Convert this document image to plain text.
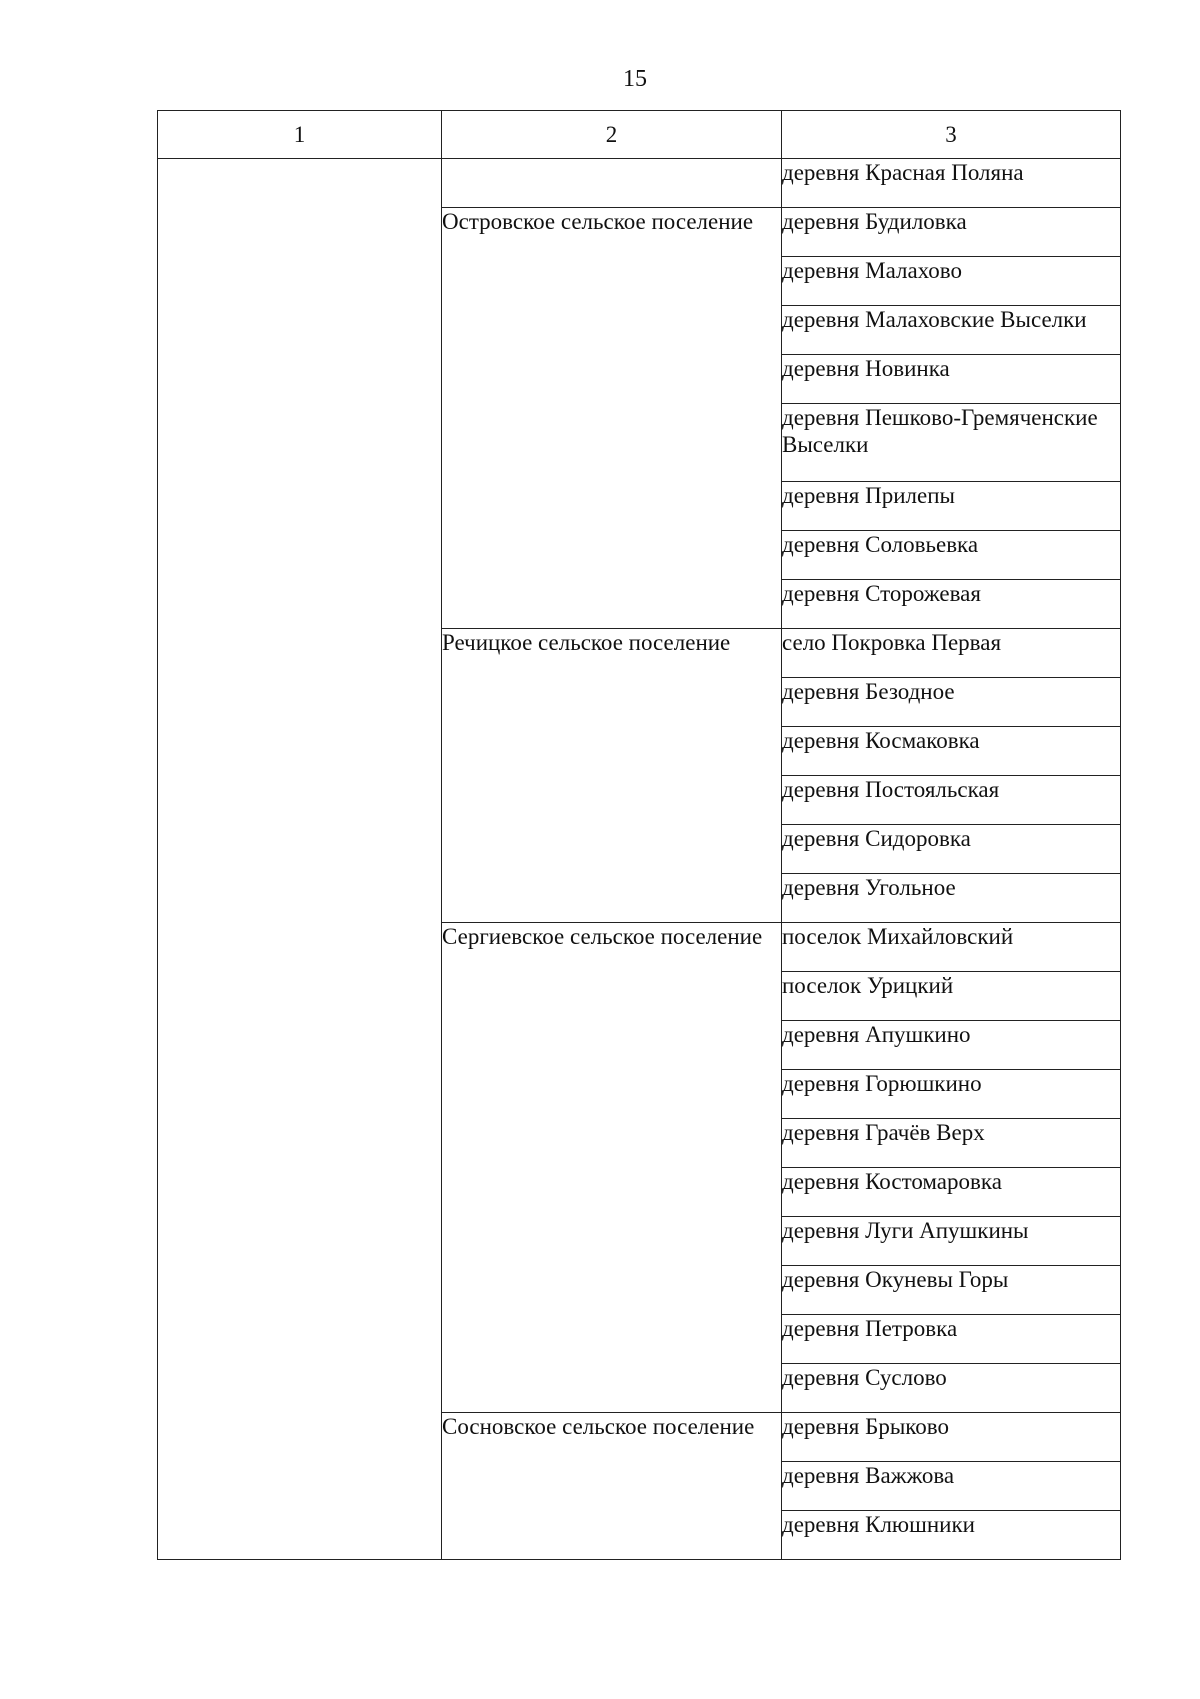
15
1	2	3
		деревня Красная Поляна
	Островское сельское поселение	деревня Будиловка
		деревня Малахово
		деревня Малаховские Выселки
		деревня Новинка
		деревня Пешково-Гремяченские Выселки
		деревня Прилепы
		деревня Соловьевка
		деревня Сторожевая
	Речицкое сельское поселение	село Покровка Первая
		деревня Безодное
		деревня Космаковка
		деревня Постояльская
		деревня Сидоровка
		деревня Угольное
	Сергиевское сельское поселение	поселок Михайловский
		поселок Урицкий
		деревня Апушкино
		деревня Горюшкино
		деревня Грачёв Верх
		деревня Костомаровка
		деревня Луги Апушкины
		деревня Окуневы Горы
		деревня Петровка
		деревня Суслово
	Сосновское сельское поселение	деревня Брыково
		деревня Важжова
		деревня Клюшники
